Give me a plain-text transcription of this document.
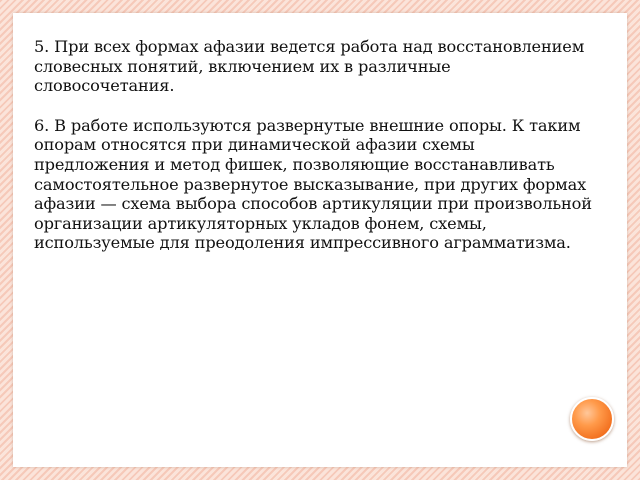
5. При всех формах афазии ведется работа над восстановлением словесных понятий, включением их в различные словосочетания.

6. В работе используются развернутые внешние опоры. К таким опорам относятся при динамической афазии схемы предложения и метод фишек, позволяющие восстанавливать самостоятельное развернутое высказывание, при других формах афазии — схема выбора способов артикуляции при произвольной организации артикуляторных укладов фонем, схемы, используемые для преодоления импрессивного аграмматизма.
